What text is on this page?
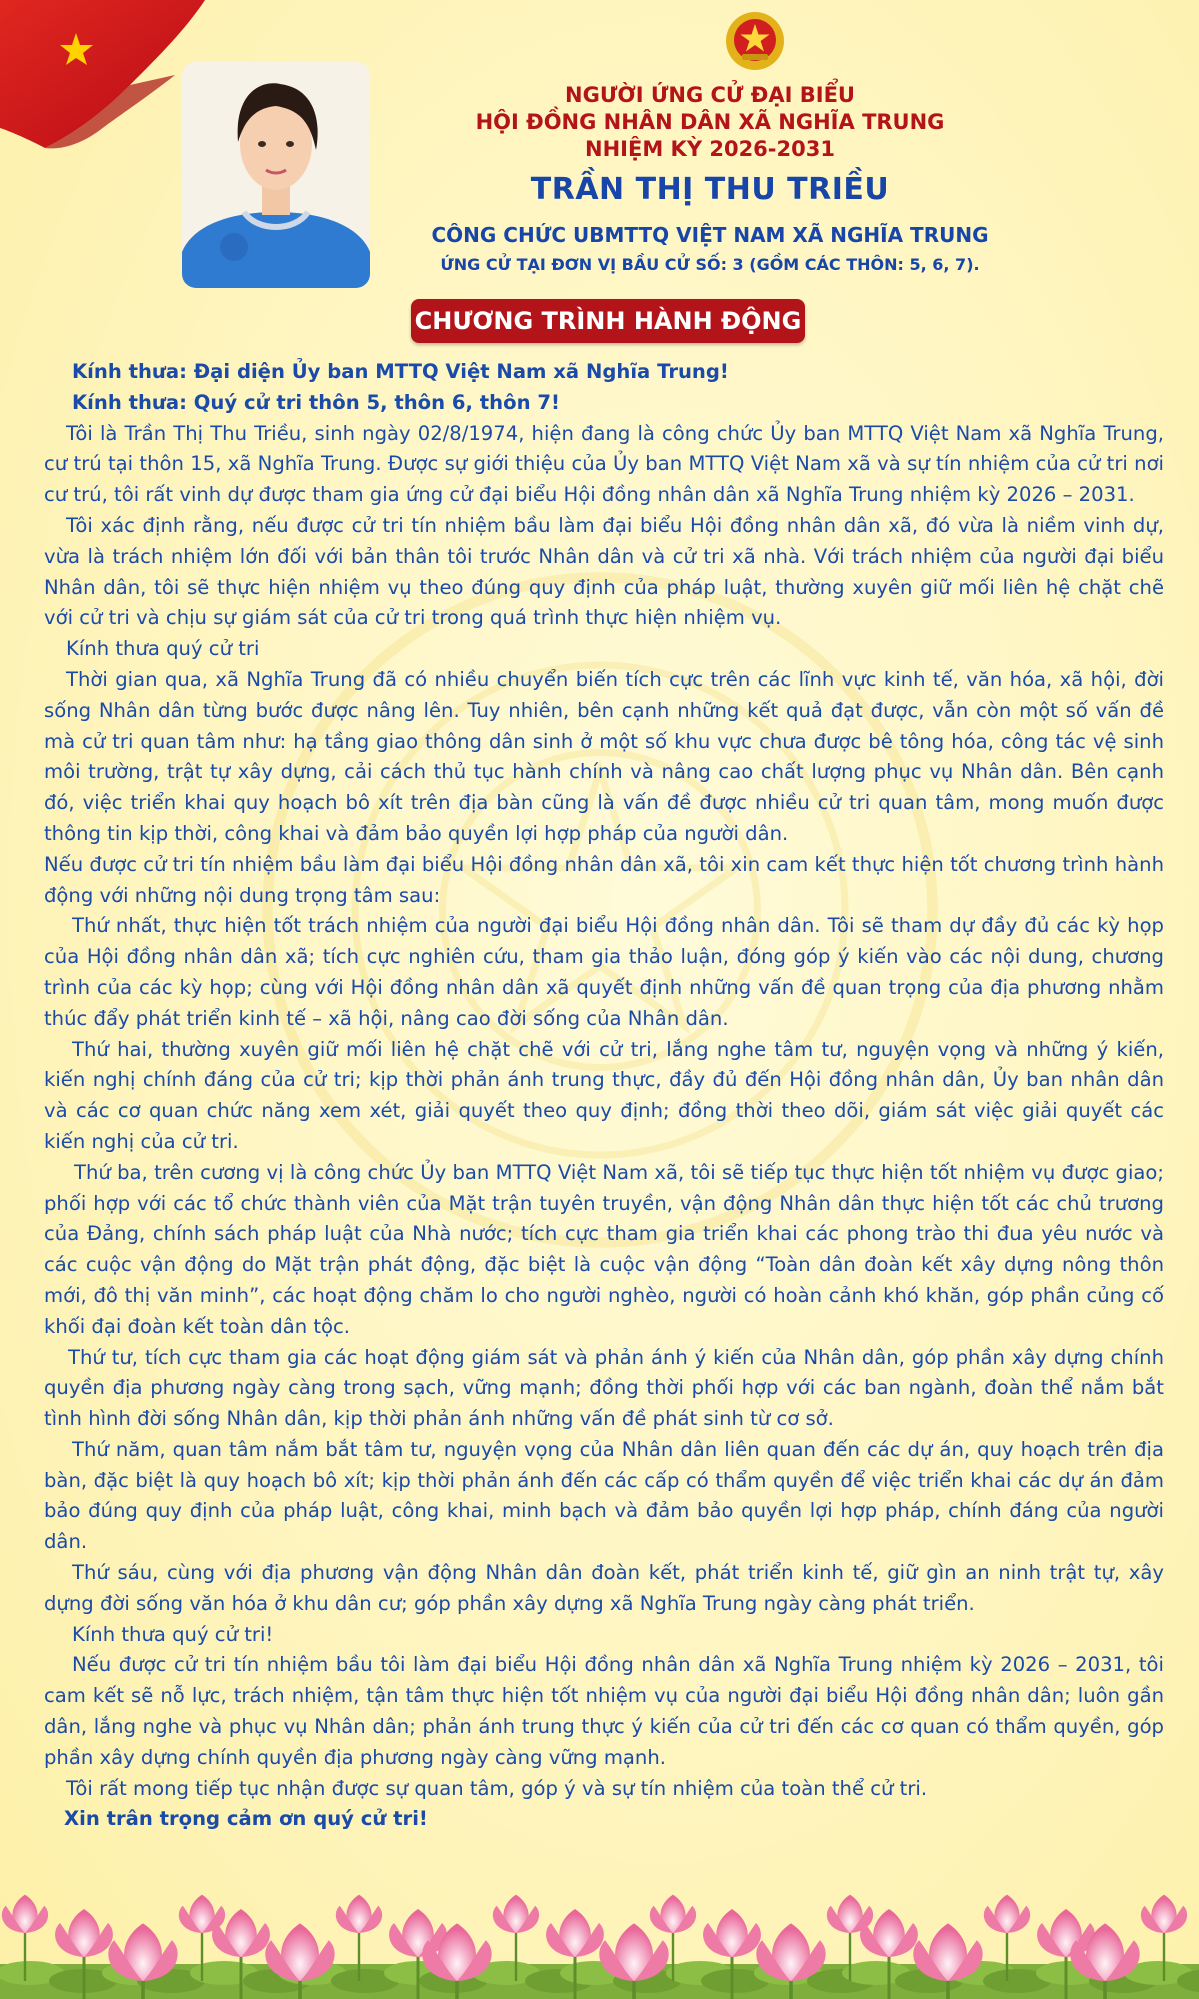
NGƯỜI ỨNG CỬ ĐẠI BIỂU

HỘI ĐỒNG NHÂN DÂN XÃ NGHĨA TRUNG

NHIỆM KỲ 2026-2031

TRẦN THỊ THU TRIỀU

CÔNG CHỨC UBMTTQ VIỆT NAM XÃ NGHĨA TRUNG

ỨNG CỬ TẠI ĐƠN VỊ BẦU CỬ SỐ: 3 (GỒM CÁC THÔN: 5, 6, 7).

CHƯƠNG TRÌNH HÀNH ĐỘNG

Kính thưa: Đại diện Ủy ban MTTQ Việt Nam xã Nghĩa Trung!

Kính thưa: Quý cử tri thôn 5, thôn 6, thôn 7!

Tôi là Trần Thị Thu Triều, sinh ngày 02/8/1974, hiện đang là công chức Ủy ban MTTQ Việt Nam xã Nghĩa Trung, cư trú tại thôn 15, xã Nghĩa Trung. Được sự giới thiệu của Ủy ban MTTQ Việt Nam xã và sự tín nhiệm của cử tri nơi cư trú, tôi rất vinh dự được tham gia ứng cử đại biểu Hội đồng nhân dân xã Nghĩa Trung nhiệm kỳ 2026 – 2031.

Tôi xác định rằng, nếu được cử tri tín nhiệm bầu làm đại biểu Hội đồng nhân dân xã, đó vừa là niềm vinh dự, vừa là trách nhiệm lớn đối với bản thân tôi trước Nhân dân và cử tri xã nhà. Với trách nhiệm của người đại biểu Nhân dân, tôi sẽ thực hiện nhiệm vụ theo đúng quy định của pháp luật, thường xuyên giữ mối liên hệ chặt chẽ với cử tri và chịu sự giám sát của cử tri trong quá trình thực hiện nhiệm vụ.

Kính thưa quý cử tri

Thời gian qua, xã Nghĩa Trung đã có nhiều chuyển biến tích cực trên các lĩnh vực kinh tế, văn hóa, xã hội, đời sống Nhân dân từng bước được nâng lên. Tuy nhiên, bên cạnh những kết quả đạt được, vẫn còn một số vấn đề mà cử tri quan tâm như: hạ tầng giao thông dân sinh ở một số khu vực chưa được bê tông hóa, công tác vệ sinh môi trường, trật tự xây dựng, cải cách thủ tục hành chính và nâng cao chất lượng phục vụ Nhân dân. Bên cạnh đó, việc triển khai quy hoạch bô xít trên địa bàn cũng là vấn đề được nhiều cử tri quan tâm, mong muốn được thông tin kịp thời, công khai và đảm bảo quyền lợi hợp pháp của người dân.

Nếu được cử tri tín nhiệm bầu làm đại biểu Hội đồng nhân dân xã, tôi xin cam kết thực hiện tốt chương trình hành động với những nội dung trọng tâm sau:

Thứ nhất, thực hiện tốt trách nhiệm của người đại biểu Hội đồng nhân dân. Tôi sẽ tham dự đầy đủ các kỳ họp của Hội đồng nhân dân xã; tích cực nghiên cứu, tham gia thảo luận, đóng góp ý kiến vào các nội dung, chương trình của các kỳ họp; cùng với Hội đồng nhân dân xã quyết định những vấn đề quan trọng của địa phương nhằm thúc đẩy phát triển kinh tế – xã hội, nâng cao đời sống của Nhân dân.

Thứ hai, thường xuyên giữ mối liên hệ chặt chẽ với cử tri, lắng nghe tâm tư, nguyện vọng và những ý kiến, kiến nghị chính đáng của cử tri; kịp thời phản ánh trung thực, đầy đủ đến Hội đồng nhân dân, Ủy ban nhân dân và các cơ quan chức năng xem xét, giải quyết theo quy định; đồng thời theo dõi, giám sát việc giải quyết các kiến nghị của cử tri.

Thứ ba, trên cương vị là công chức Ủy ban MTTQ Việt Nam xã, tôi sẽ tiếp tục thực hiện tốt nhiệm vụ được giao; phối hợp với các tổ chức thành viên của Mặt trận tuyên truyền, vận động Nhân dân thực hiện tốt các chủ trương của Đảng, chính sách pháp luật của Nhà nước; tích cực tham gia triển khai các phong trào thi đua yêu nước và các cuộc vận động do Mặt trận phát động, đặc biệt là cuộc vận động “Toàn dân đoàn kết xây dựng nông thôn mới, đô thị văn minh”, các hoạt động chăm lo cho người nghèo, người có hoàn cảnh khó khăn, góp phần củng cố khối đại đoàn kết toàn dân tộc.

Thứ tư, tích cực tham gia các hoạt động giám sát và phản ánh ý kiến của Nhân dân, góp phần xây dựng chính quyền địa phương ngày càng trong sạch, vững mạnh; đồng thời phối hợp với các ban ngành, đoàn thể nắm bắt tình hình đời sống Nhân dân, kịp thời phản ánh những vấn đề phát sinh từ cơ sở.

Thứ năm, quan tâm nắm bắt tâm tư, nguyện vọng của Nhân dân liên quan đến các dự án, quy hoạch trên địa bàn, đặc biệt là quy hoạch bô xít; kịp thời phản ánh đến các cấp có thẩm quyền để việc triển khai các dự án đảm bảo đúng quy định của pháp luật, công khai, minh bạch và đảm bảo quyền lợi hợp pháp, chính đáng của người dân.

Thứ sáu, cùng với địa phương vận động Nhân dân đoàn kết, phát triển kinh tế, giữ gìn an ninh trật tự, xây dựng đời sống văn hóa ở khu dân cư; góp phần xây dựng xã Nghĩa Trung ngày càng phát triển.

Kính thưa quý cử tri!

Nếu được cử tri tín nhiệm bầu tôi làm đại biểu Hội đồng nhân dân xã Nghĩa Trung nhiệm kỳ 2026 – 2031, tôi cam kết sẽ nỗ lực, trách nhiệm, tận tâm thực hiện tốt nhiệm vụ của người đại biểu Hội đồng nhân dân; luôn gần dân, lắng nghe và phục vụ Nhân dân; phản ánh trung thực ý kiến của cử tri đến các cơ quan có thẩm quyền, góp phần xây dựng chính quyền địa phương ngày càng vững mạnh.

Tôi rất mong tiếp tục nhận được sự quan tâm, góp ý và sự tín nhiệm của toàn thể cử tri.

Xin trân trọng cảm ơn quý cử tri!
